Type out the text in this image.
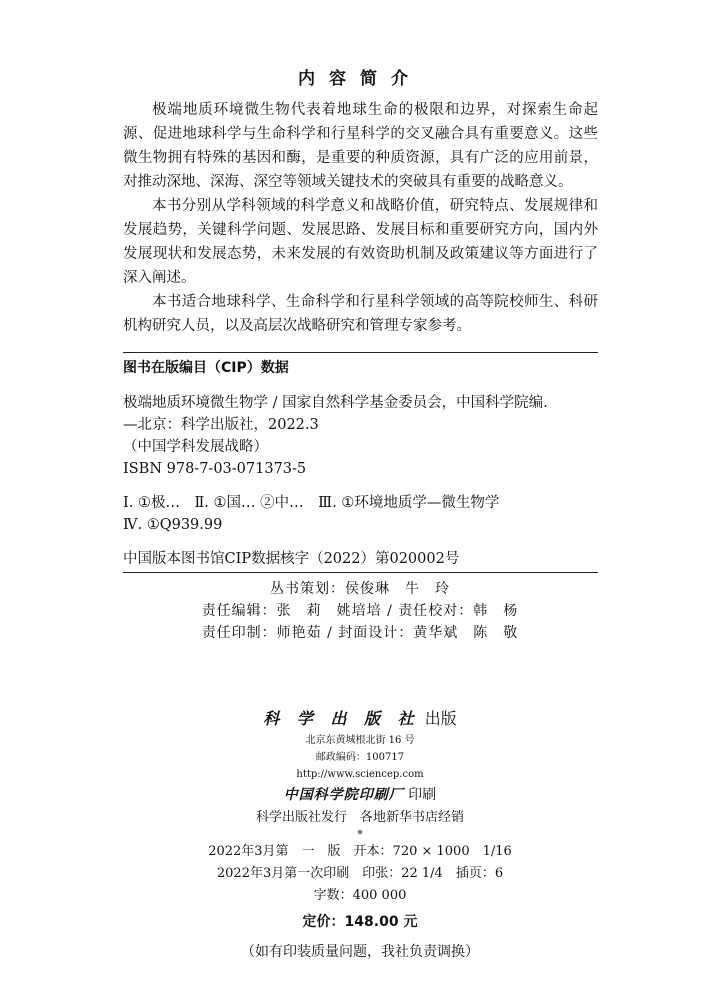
内容简介

极端地质环境微生物代表着地球生命的极限和边界，对探索生命起源、促进地球科学与生命科学和行星科学的交叉融合具有重要意义。这些微生物拥有特殊的基因和酶，是重要的种质资源，具有广泛的应用前景，对推动深地、深海、深空等领域关键技术的突破具有重要的战略意义。

本书分别从学科领域的科学意义和战略价值，研究特点、发展规律和发展趋势，关键科学问题、发展思路、发展目标和重要研究方向，国内外发展现状和发展态势，未来发展的有效资助机制及政策建议等方面进行了深入阐述。

本书适合地球科学、生命科学和行星科学领域的高等院校师生、科研机构研究人员，以及高层次战略研究和管理专家参考。

图书在版编目（CIP）数据
极端地质环境微生物学 / 国家自然科学基金委员会，中国科学院编.
—北京：科学出版社，2022.3
（中国学科发展战略）
ISBN 978-7-03-071373-5
Ⅰ. ①极…　Ⅱ. ①国… ②中…　Ⅲ. ①环境地质学—微生物学
Ⅳ. ①Q939.99
中国版本图书馆CIP数据核字（2022）第020002号
丛书策划：侯俊琳　牛　玲
责任编辑：张　莉　姚培培 / 责任校对：韩　杨
责任印制：师艳茹 / 封面设计：黄华斌　陈　敬
科 学 出 版 社 出版
北京东黄城根北街 16 号
邮政编码：100717
http://www.sciencep.com
中国科学院印刷厂 印刷
科学出版社发行　各地新华书店经销
*
2022年3月第　一　版　开本：720 × 1000　1/16
2022年3月第一次印刷　印张：22 1/4　插页：6
字数：400 000
定价：148.00 元
（如有印装质量问题，我社负责调换）
